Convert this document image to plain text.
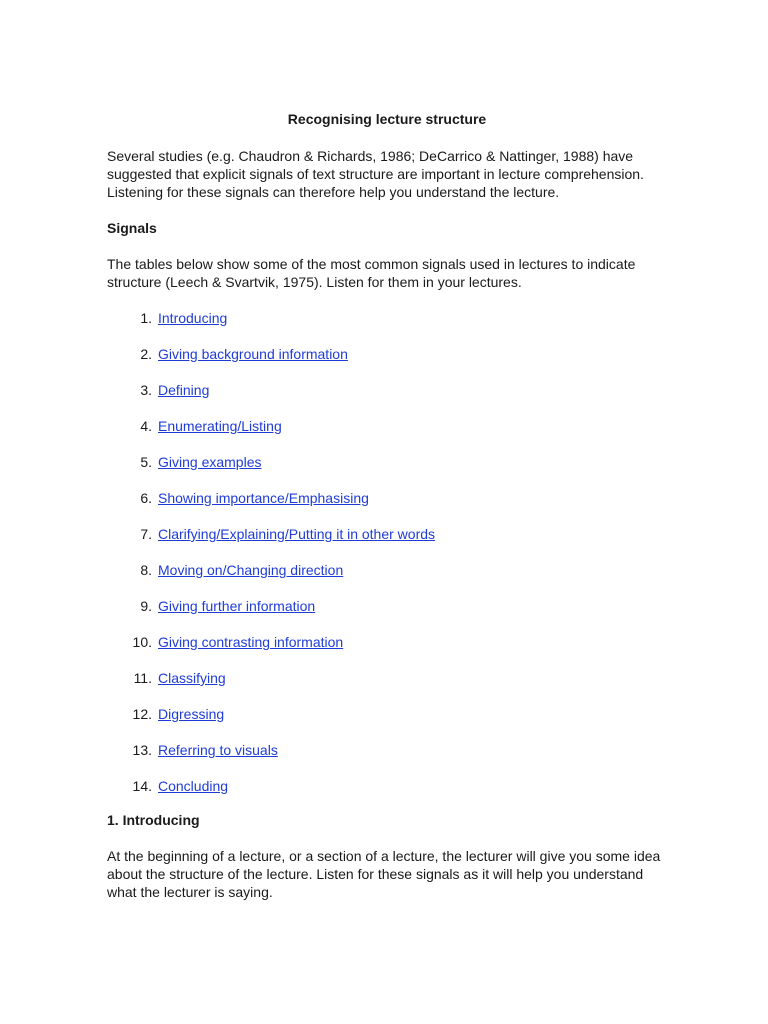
Recognising lecture structure

Several studies (e.g. Chaudron & Richards, 1986; DeCarrico & Nattinger, 1988) have suggested that explicit signals of text structure are important in lecture comprehension. Listening for these signals can therefore help you understand the lecture.

Signals

The tables below show some of the most common signals used in lectures to indicate structure (Leech & Svartvik, 1975). Listen for them in your lectures.

1. Introducing
2. Giving background information
3. Defining
4. Enumerating/Listing
5. Giving examples
6. Showing importance/Emphasising
7. Clarifying/Explaining/Putting it in other words
8. Moving on/Changing direction
9. Giving further information
10. Giving contrasting information
11. Classifying
12. Digressing
13. Referring to visuals
14. Concluding
1. Introducing

At the beginning of a lecture, or a section of a lecture, the lecturer will give you some idea about the structure of the lecture. Listen for these signals as it will help you understand what the lecturer is saying.
